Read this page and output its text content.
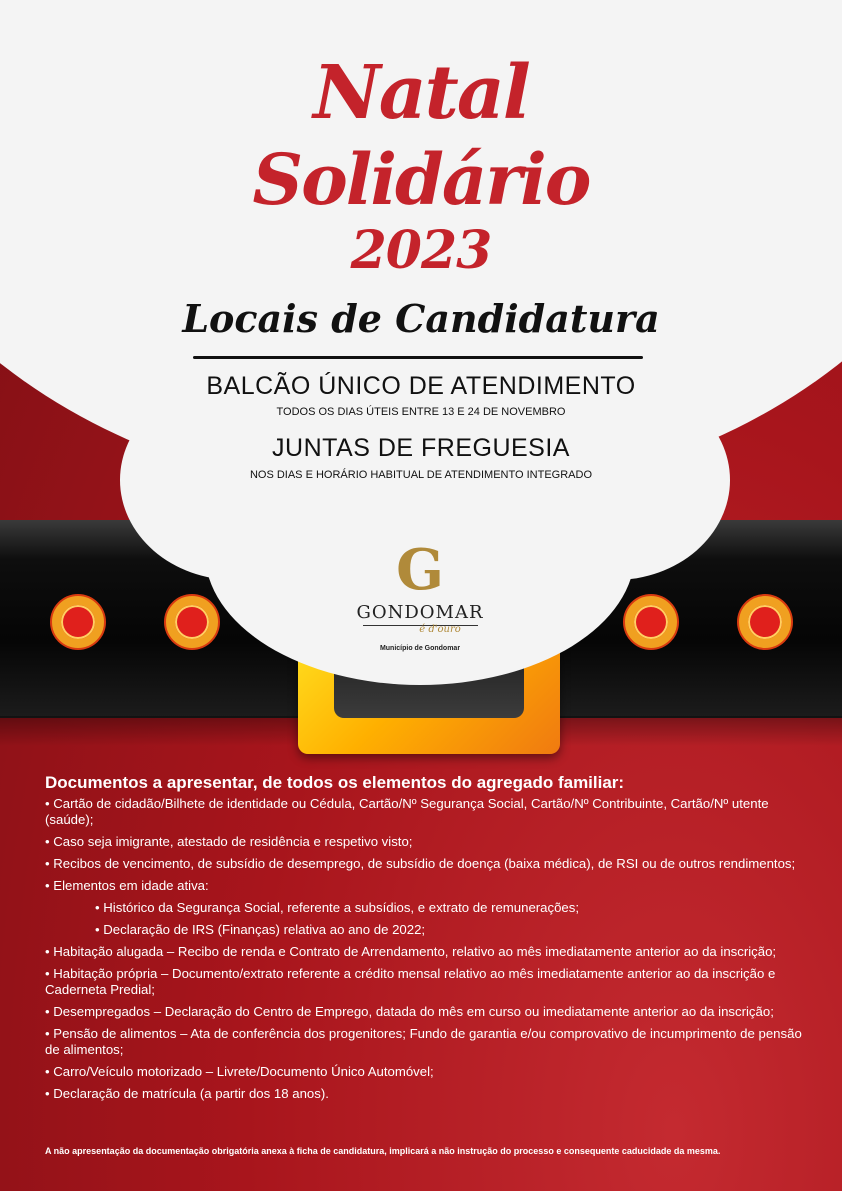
Natal
Solidário
2023
Locais de Candidatura
BALCÃO ÚNICO DE ATENDIMENTO
TODOS OS DIAS ÚTEIS ENTRE 13 E 24 DE NOVEMBRO
JUNTAS DE FREGUESIA
NOS DIAS E HORÁRIO HABITUAL DE ATENDIMENTO INTEGRADO
G
GONDOMAR
é d'ouro
Município de Gondomar
Documentos a apresentar, de todos os elementos do agregado familiar:
• Cartão de cidadão/Bilhete de identidade ou Cédula, Cartão/Nº Segurança Social, Cartão/Nº Contribuinte, Cartão/Nº utente (saúde);
• Caso seja imigrante, atestado de residência e respetivo visto;
• Recibos de vencimento, de subsídio de desemprego, de subsídio de doença (baixa médica), de RSI ou de outros rendimentos;
• Elementos em idade ativa:
• Histórico da Segurança Social, referente a subsídios, e extrato de remunerações;
• Declaração de IRS (Finanças) relativa ao ano de 2022;
• Habitação alugada – Recibo de renda e Contrato de Arrendamento, relativo ao mês imediatamente anterior ao da inscrição;
• Habitação própria – Documento/extrato referente a crédito mensal relativo ao mês imediatamente anterior ao da inscrição e Caderneta Predial;
• Desempregados – Declaração do Centro de Emprego, datada do mês em curso ou imediatamente anterior ao da inscrição;
• Pensão de alimentos – Ata de conferência dos progenitores; Fundo de garantia e/ou comprovativo de incumprimento de pensão de alimentos;
• Carro/Veículo motorizado – Livrete/Documento Único Automóvel;
• Declaração de matrícula (a partir dos 18 anos).
A não apresentação da documentação obrigatória anexa à ficha de candidatura, implicará a não instrução do processo e consequente caducidade da mesma.
